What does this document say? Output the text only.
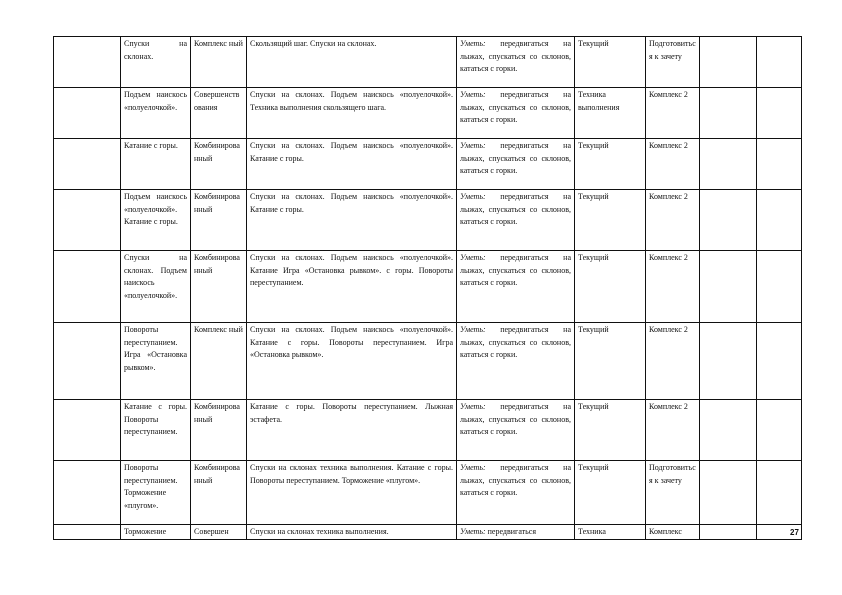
	Спуски на склонах.	Комплекс ный	Скользящий шаг. Спуски на склонах.	Уметь: передвигаться на лыжах, спускаться со склонов, кататься с горки.	Текущий	Подготовиться к зачету		
	Подъем наискось «полуелочкой».	Совершенствования	Спуски на склонах. Подъем наискось «полуелочкой». Техника выполнения скользящего шага.	Уметь: передвигаться на лыжах, спускаться со склонов, кататься с горки.	Техника выполнения	Комплекс 2		
	Катание с горы.	Комбинированный	Спуски на склонах. Подъем наискось «полуелочкой». Катание с горы.	Уметь: передвигаться на лыжах, спускаться со склонов, кататься с горки.	Текущий	Комплекс 2		
	Подъем наискось «полуелочкой». Катание с горы.	Комбинированный	Спуски на склонах. Подъем наискось «полуелочкой». Катание с горы.	Уметь: передвигаться на лыжах, спускаться со склонов, кататься с горки.	Текущий	Комплекс 2		
	Спуски на склонах. Подъем наискось «полуелочкой».	Комбинированный	Спуски на склонах. Подъем наискось «полуелочкой». Катание Игра «Остановка рывком». с горы. Повороты переступанием.	Уметь: передвигаться на лыжах, спускаться со склонов, кататься с горки.	Текущий	Комплекс 2		
	Повороты переступанием. Игра «Остановка рывком».	Комплекс ный	Спуски на склонах. Подъем наискось «полуелочкой». Катание с горы. Повороты переступанием. Игра «Остановка рывком».	Уметь: передвигаться на лыжах, спускаться со склонов, кататься с горки.	Текущий	Комплекс 2		
	Катание с горы. Повороты переступанием.	Комбинированный	Катание с горы. Повороты переступанием. Лыжная эстафета.	Уметь: передвигаться на лыжах, спускаться со склонов, кататься с горки.	Текущий	Комплекс 2		
	Повороты переступанием. Торможение «плугом».	Комбинированный	Спуски на склонах техника выполнения. Катание с горы. Повороты переступанием. Торможение «плугом».	Уметь: передвигаться на лыжах, спускаться со склонов, кататься с горки.	Текущий	Подготовиться к зачету		
	Торможение	Совершен	Спуски на склонах техника выполнения.	Уметь: передвигаться	Техника	Комплекс			27
